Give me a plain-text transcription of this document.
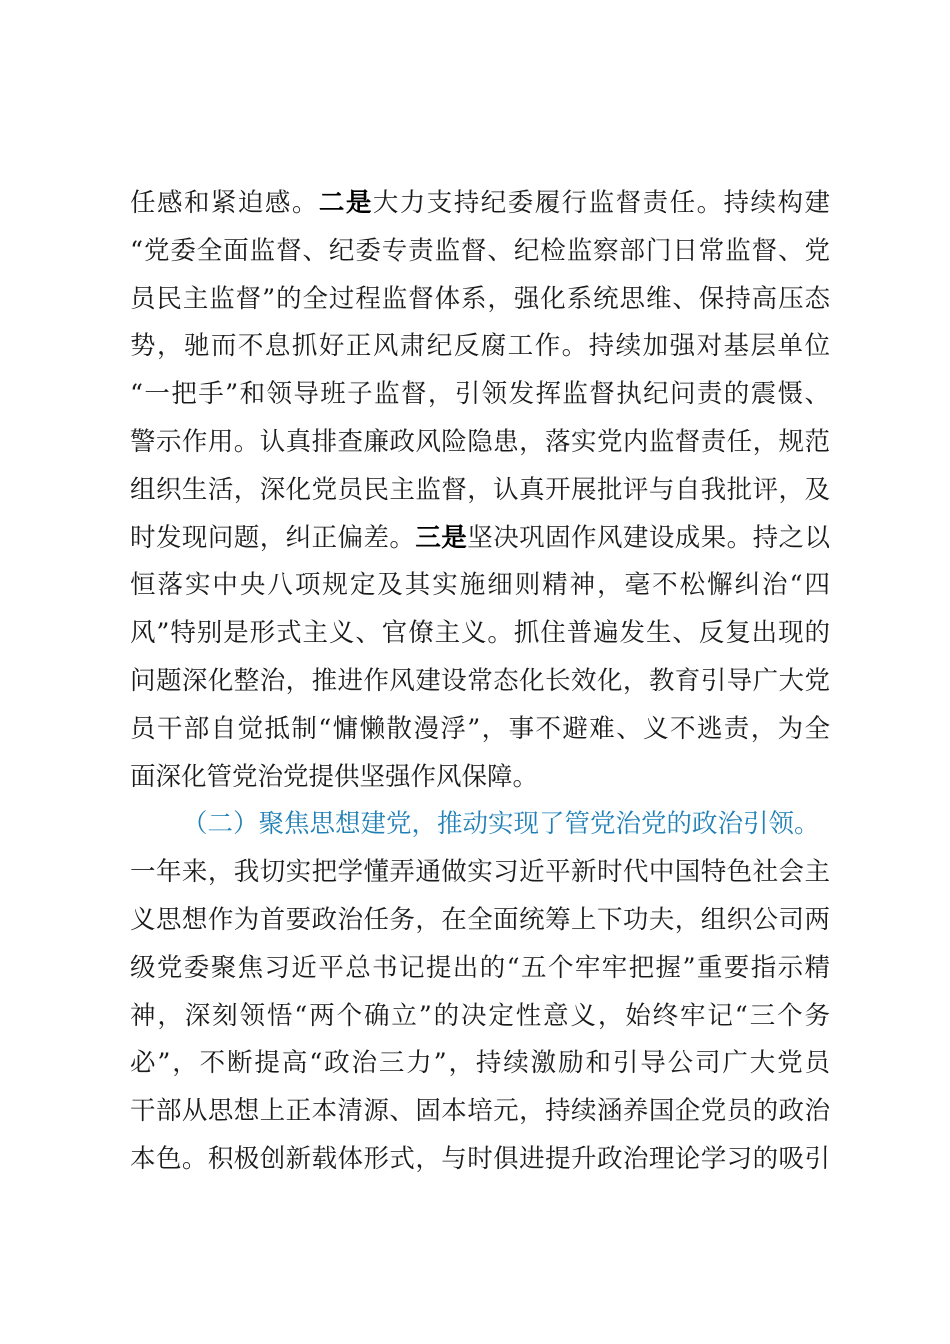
任感和紧迫感。二是大力支持纪委履行监督责任。持续构建
“党委全面监督、纪委专责监督、纪检监察部门日常监督、党
员民主监督”的全过程监督体系，强化系统思维、保持高压态
势，驰而不息抓好正风肃纪反腐工作。持续加强对基层单位
“一把手”和领导班子监督，引领发挥监督执纪问责的震慑、
警示作用。认真排查廉政风险隐患，落实党内监督责任，规范
组织生活，深化党员民主监督，认真开展批评与自我批评，及
时发现问题，纠正偏差。三是坚决巩固作风建设成果。持之以
恒落实中央八项规定及其实施细则精神，毫不松懈纠治“四
风”特别是形式主义、官僚主义。抓住普遍发生、反复出现的
问题深化整治，推进作风建设常态化长效化，教育引导广大党
员干部自觉抵制“慵懒散漫浮”，事不避难、义不逃责，为全
面深化管党治党提供坚强作风保障。
（二）聚焦思想建党，推动实现了管党治党的政治引领。
一年来，我切实把学懂弄通做实习近平新时代中国特色社会主
义思想作为首要政治任务，在全面统筹上下功夫，组织公司两
级党委聚焦习近平总书记提出的“五个牢牢把握”重要指示精
神，深刻领悟“两个确立”的决定性意义，始终牢记“三个务
必”，不断提高“政治三力”，持续激励和引导公司广大党员
干部从思想上正本清源、固本培元，持续涵养国企党员的政治
本色。积极创新载体形式，与时俱进提升政治理论学习的吸引
